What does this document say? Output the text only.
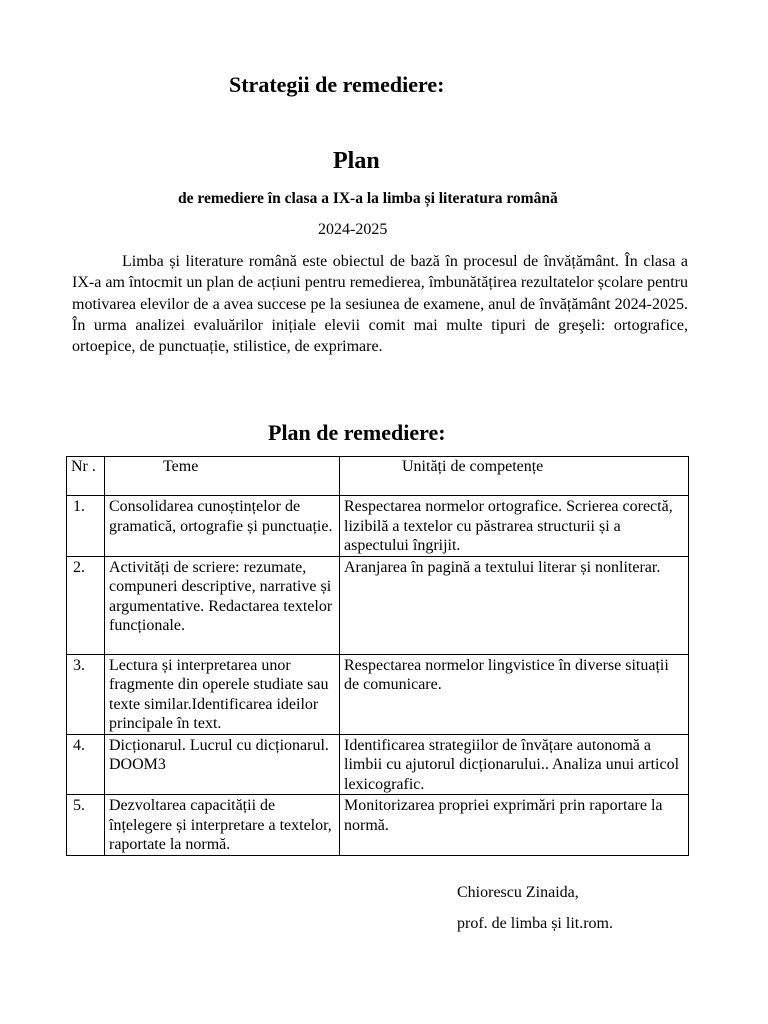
Strategii de remediere:
Plan
de remediere în clasa a IX-a la limba și literatura română
2024-2025

Limba și literature română este obiectul de bază în procesul de învățământ. În clasa a IX-a am întocmit un plan de acțiuni pentru remedierea, îmbunătățirea rezultatelor școlare pentru motivarea elevilor de a avea succese pe la sesiunea de examene, anul de învățământ 2024-2025. În urma analizei evaluărilor inițiale elevii comit mai multe tipuri de greşeli: ortografice, ortoepice, de punctuație, stilistice, de exprimare.

Plan de remediere:
Nr .	Teme	Unități de competențe
1.	Consolidarea cunoștințelor de gramatică, ortografie și punctuație.	Respectarea normelor ortografice. Scrierea corectă, lizibilă a textelor cu păstrarea structurii și a aspectului îngrijit.
2.	Activități de scriere: rezumate, compuneri descriptive, narrative și argumentative. Redactarea textelor funcționale.	Aranjarea în pagină a textului literar și nonliterar.
3.	Lectura și interpretarea unor fragmente din operele studiate sau texte similar.Identificarea ideilor principale în text.	Respectarea normelor lingvistice în diverse situații de comunicare.
4.	Dicționarul. Lucrul cu dicționarul. DOOM3	Identificarea strategiilor de învățare autonomă a limbii cu ajutorul dicționarului.. Analiza unui articol lexicografic.
5.	Dezvoltarea capacității de înțelegere și interpretare a textelor, raportate la normă.	Monitorizarea propriei exprimări prin raportare la normă.
Chiorescu Zinaida,
prof. de limba și lit.rom.
